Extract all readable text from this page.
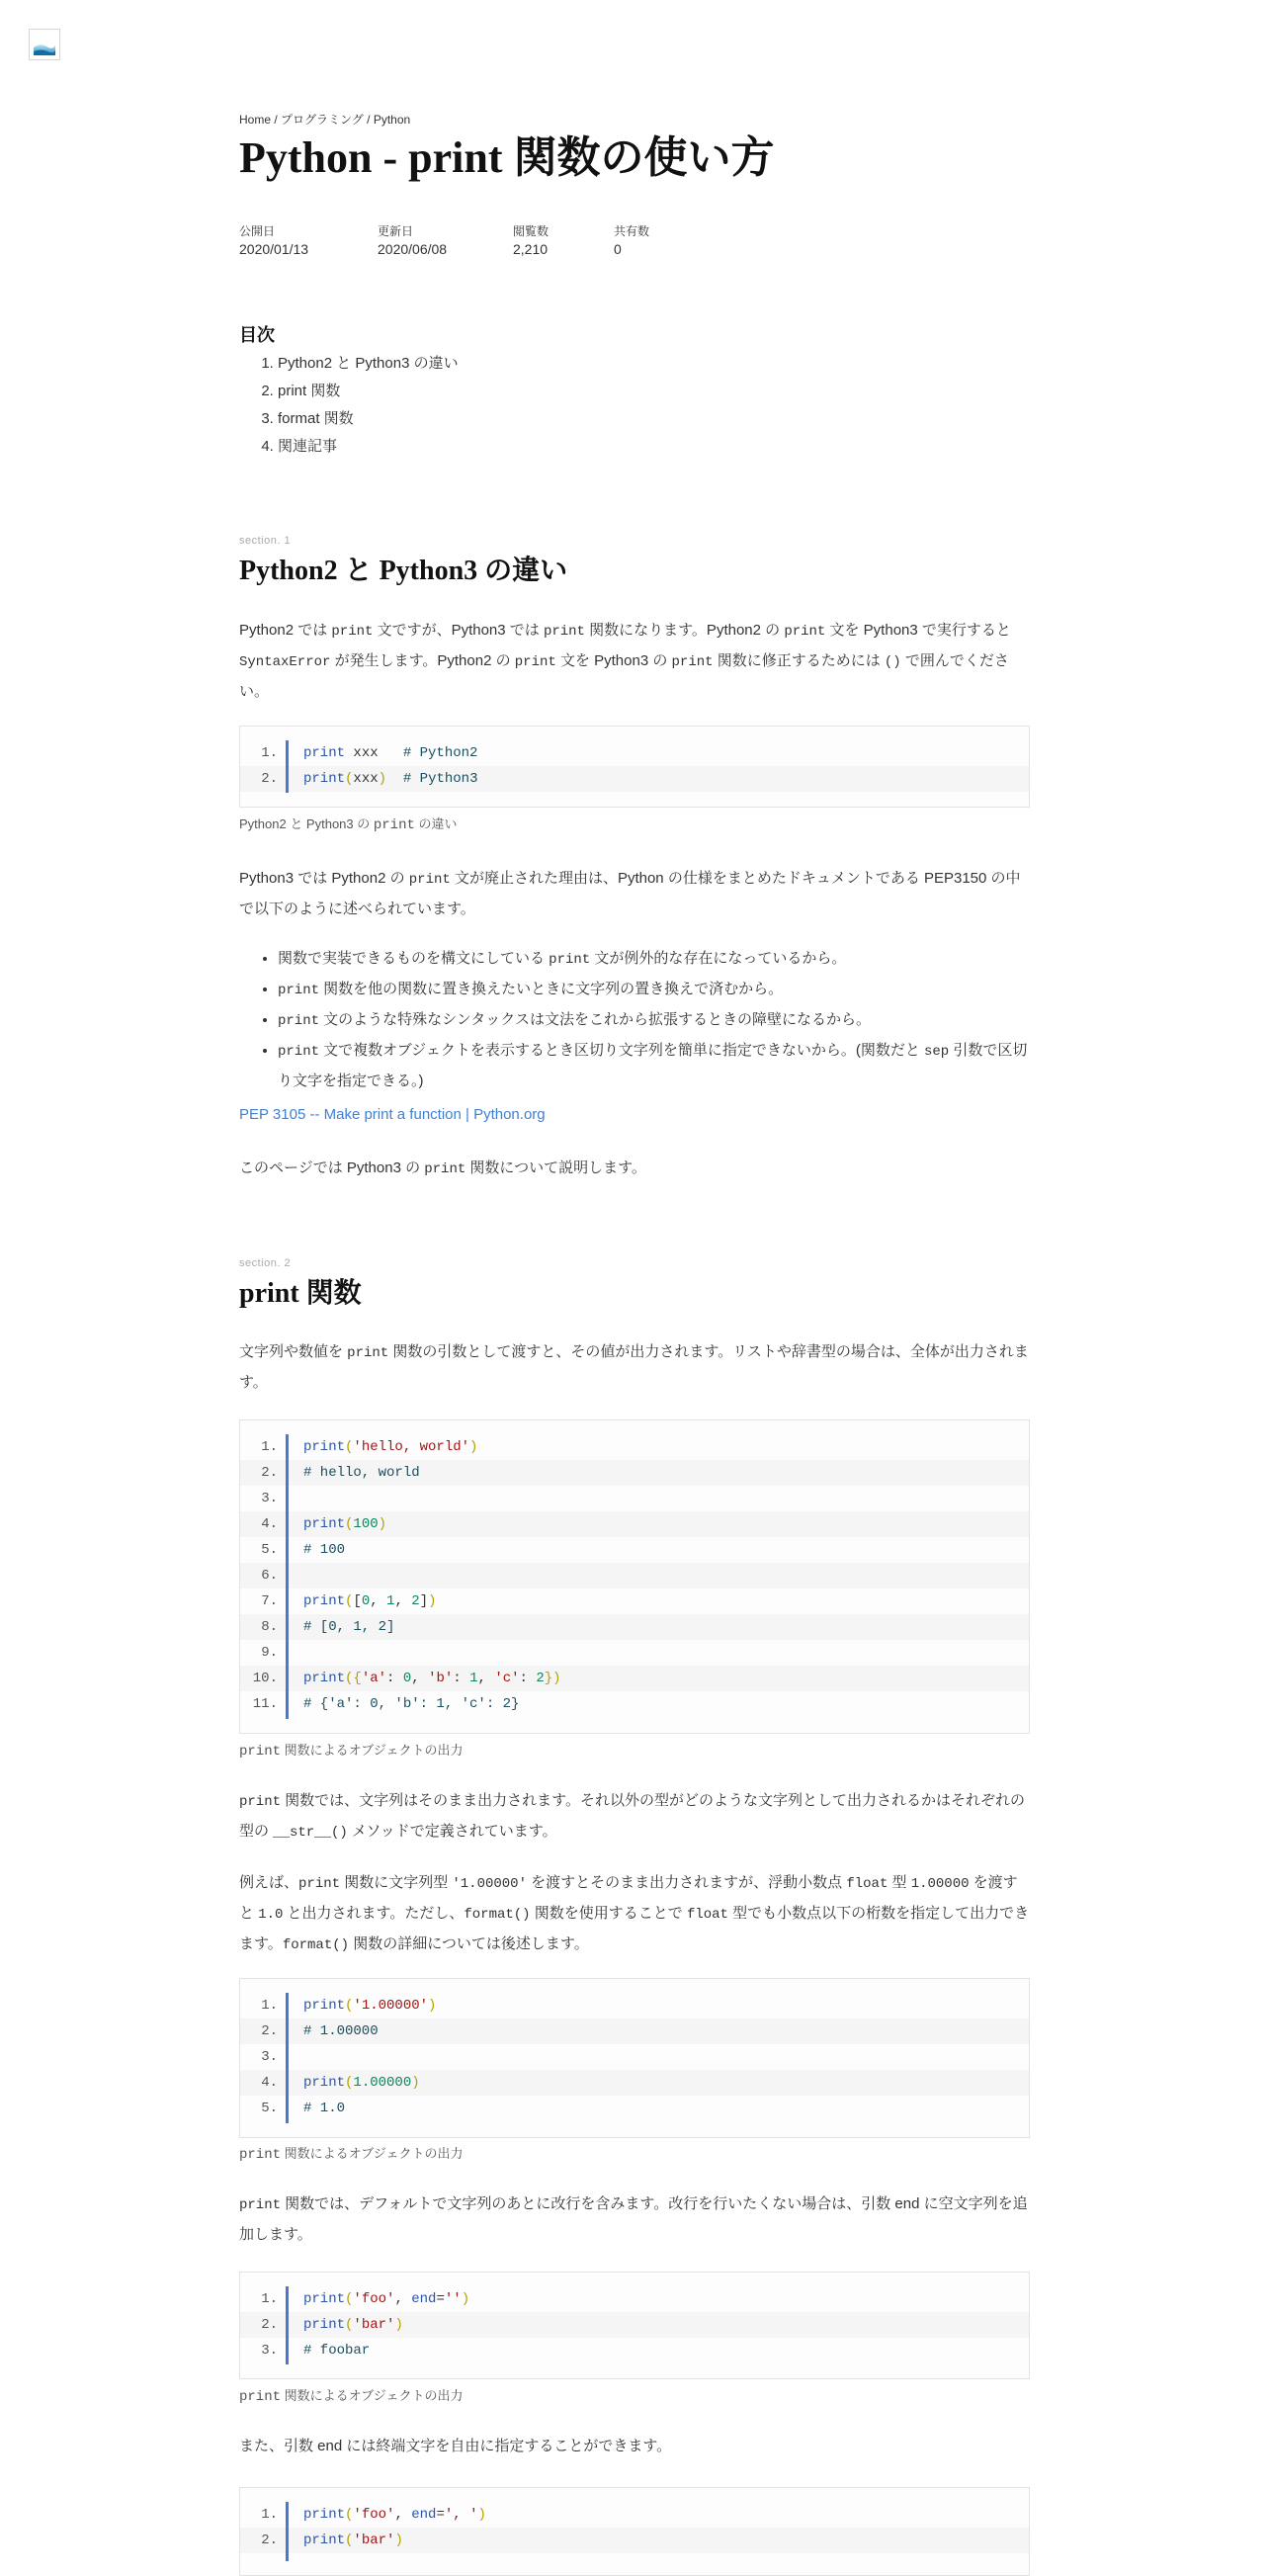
Home / プログラミング / Python
Python - print 関数の使い方
公開日
2020/01/13
更新日
2020/06/08
閲覧数
2,210
共有数
0
目次
1. Python2 と Python3 の違い
2. print 関数
3. format 関数
4. 関連記事
section. 1
Python2 と Python3 の違い

Python2 では print 文ですが、Python3 では print 関数になります。Python2 の print 文を Python3 で実行すると SyntaxError が発生します。Python2 の print 文を Python3 の print 関数に修正するためには () で囲んでください。

1.	print xxx   # Python2
2.	print(xxx) # Python3
Python2 と Python3 の print の違い

Python3 では Python2 の print 文が廃止された理由は、Python の仕様をまとめたドキュメントである PEP3150 の中で以下のように述べられています。

• 関数で実装できるものを構文にしている print 文が例外的な存在になっているから。
• print 関数を他の関数に置き換えたいときに文字列の置き換えで済むから。
• print 文のような特殊なシンタックスは文法をこれから拡張するときの障壁になるから。
• print 文で複数オブジェクトを表示するとき区切り文字列を簡単に指定できないから。(関数だと sep 引数で区切り文字を指定できる。)
PEP 3105 -- Make print a function | Python.org

このページでは Python3 の print 関数について説明します。

section. 2
print 関数

文字列や数値を print 関数の引数として渡すと、その値が出力されます。リストや辞書型の場合は、全体が出力されます。

1.	print('hello, world')
2.	# hello, world
3.
4.	print(100)
5.	# 100
6.
7.	print([0, 1, 2])
8.	# [0, 1, 2]
9.
10.	print({'a': 0, 'b': 1, 'c': 2})
11.	# {'a': 0, 'b': 1, 'c': 2}
print 関数によるオブジェクトの出力

print 関数では、文字列はそのまま出力されます。それ以外の型がどのような文字列として出力されるかはそれぞれの型の __str__() メソッドで定義されています。

例えば、print 関数に文字列型 '1.00000' を渡すとそのまま出力されますが、浮動小数点 float 型 1.00000 を渡すと 1.0 と出力されます。ただし、format() 関数を使用することで float 型でも小数点以下の桁数を指定して出力できます。format() 関数の詳細については後述します。

1.	print('1.00000')
2.	# 1.00000
3.
4.	print(1.00000)
5.	# 1.0
print 関数によるオブジェクトの出力

print 関数では、デフォルトで文字列のあとに改行を含みます。改行を行いたくない場合は、引数 end に空文字列を追加します。

1.	print('foo', end='')
2.	print('bar')
3.	# foobar
print 関数によるオブジェクトの出力

また、引数 end には終端文字を自由に指定することができます。

1.	print('foo', end=', ')
2.	print('bar')
